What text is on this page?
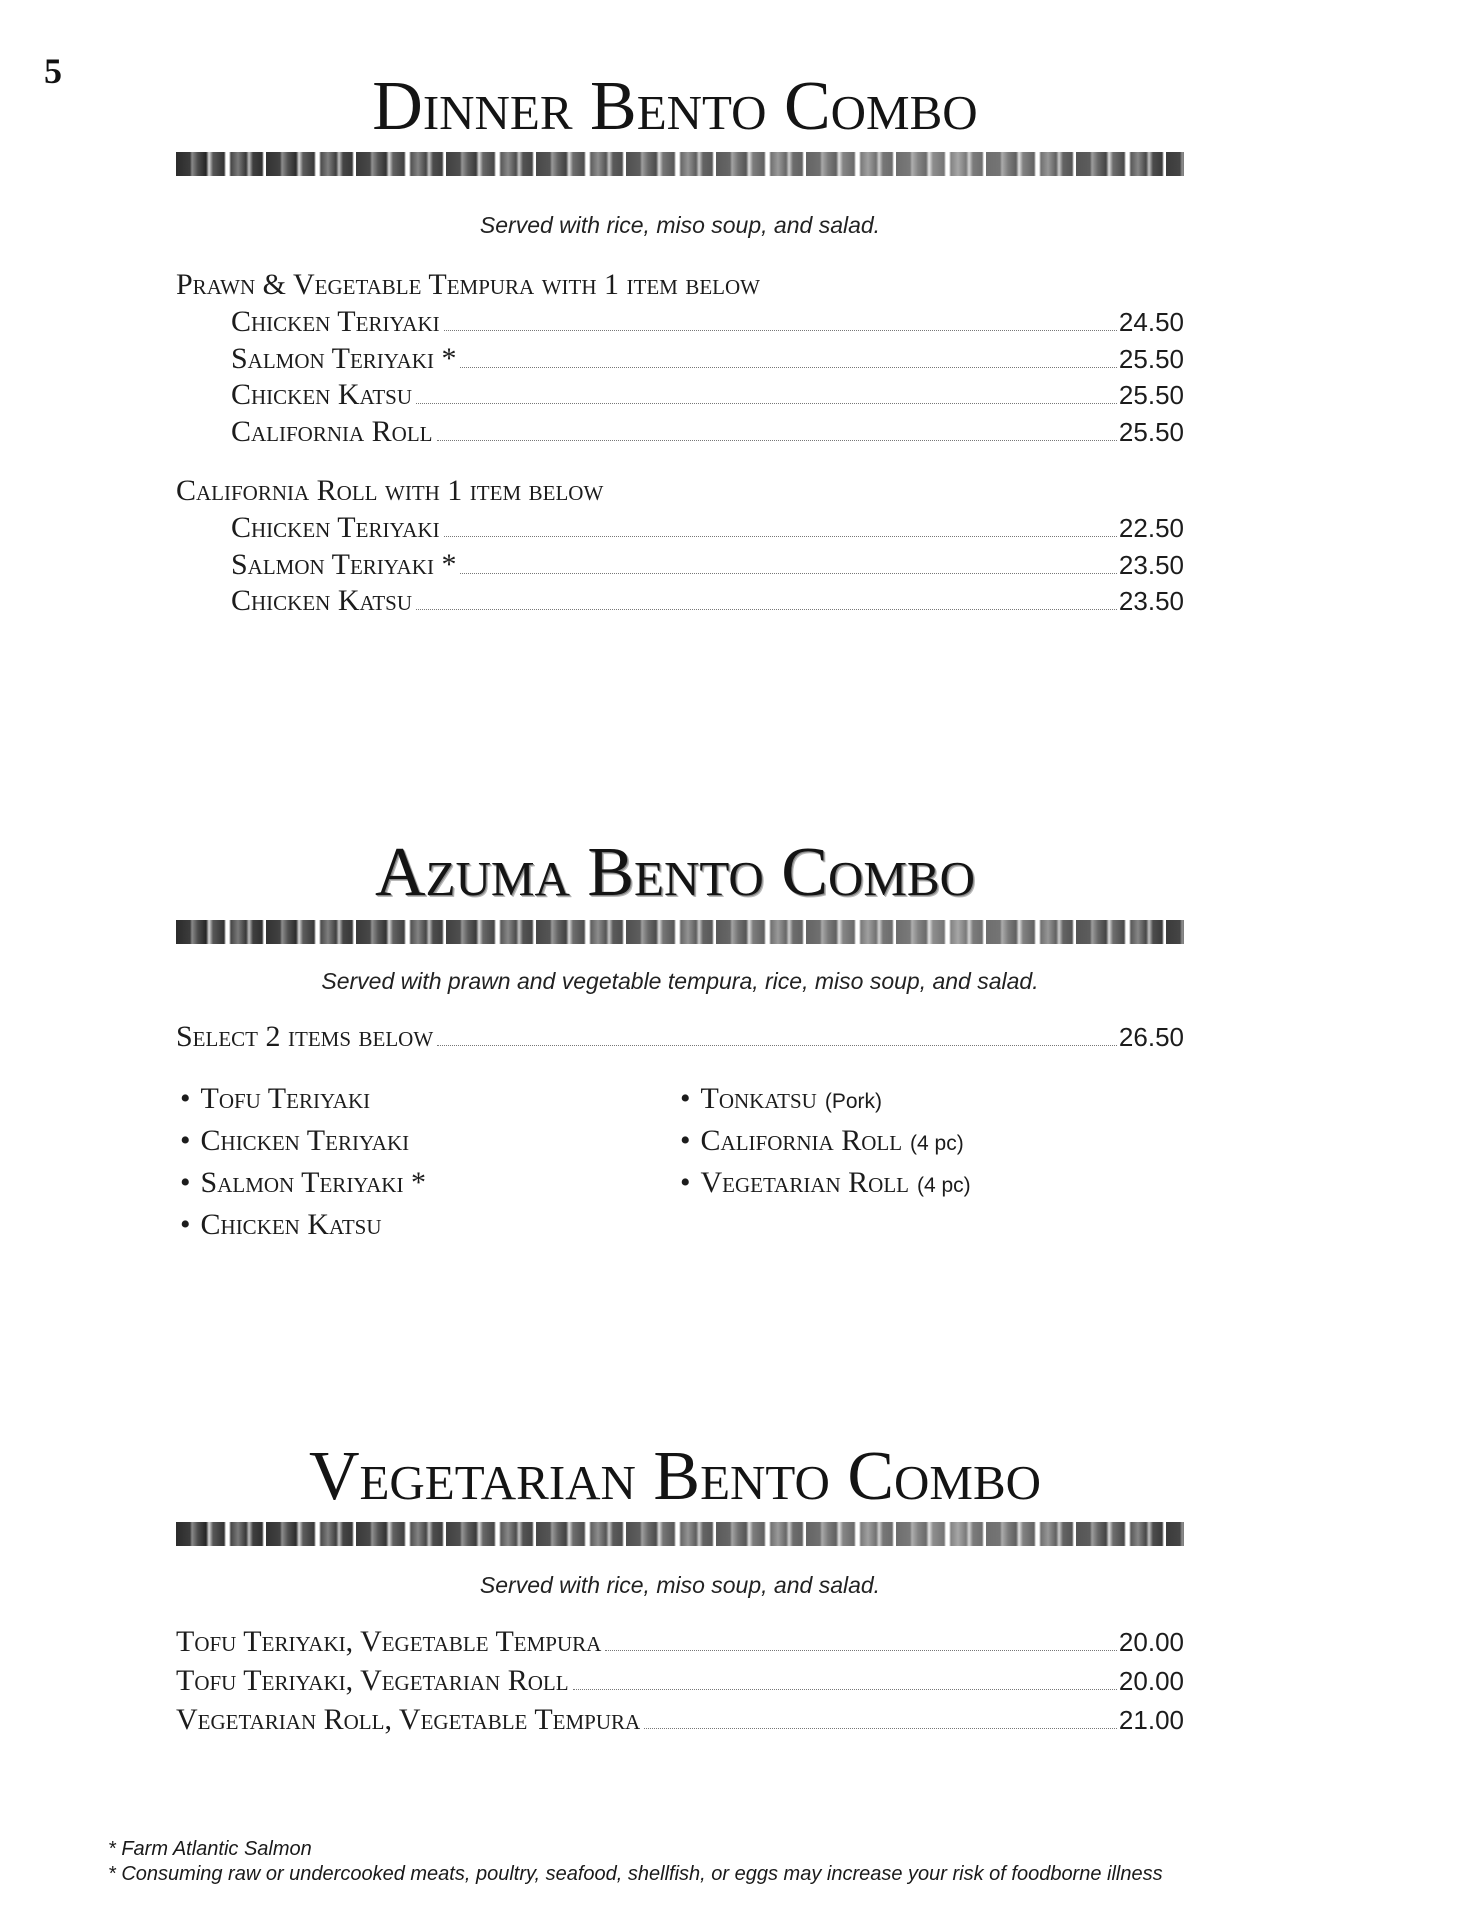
5	Dinner Bento Combo
Served with rice, miso soup, and salad.
Prawn & Vegetable Tempura with 1 item below
Chicken Teriyaki	24.50
Salmon Teriyaki *	25.50
Chicken Katsu	25.50
California Roll	25.50
California Roll with 1 item below
Chicken Teriyaki	22.50
Salmon Teriyaki *	23.50
Chicken Katsu	23.50
Azuma Bento Combo
Served with prawn and vegetable tempura, rice, miso soup, and salad.
Select 2 items below	26.50
• Tofu Teriyaki
• Chicken Teriyaki
• Salmon Teriyaki *
• Chicken Katsu
• Tonkatsu (Pork)
• California Roll (4 pc)
• Vegetarian Roll (4 pc)
Vegetarian Bento Combo
Served with rice, miso soup, and salad.
Tofu Teriyaki, Vegetable Tempura	20.00
Tofu Teriyaki, Vegetarian Roll	20.00
Vegetarian Roll, Vegetable Tempura	21.00
* Farm Atlantic Salmon
* Consuming raw or undercooked meats, poultry, seafood, shellfish, or eggs may increase your risk of foodborne illness
